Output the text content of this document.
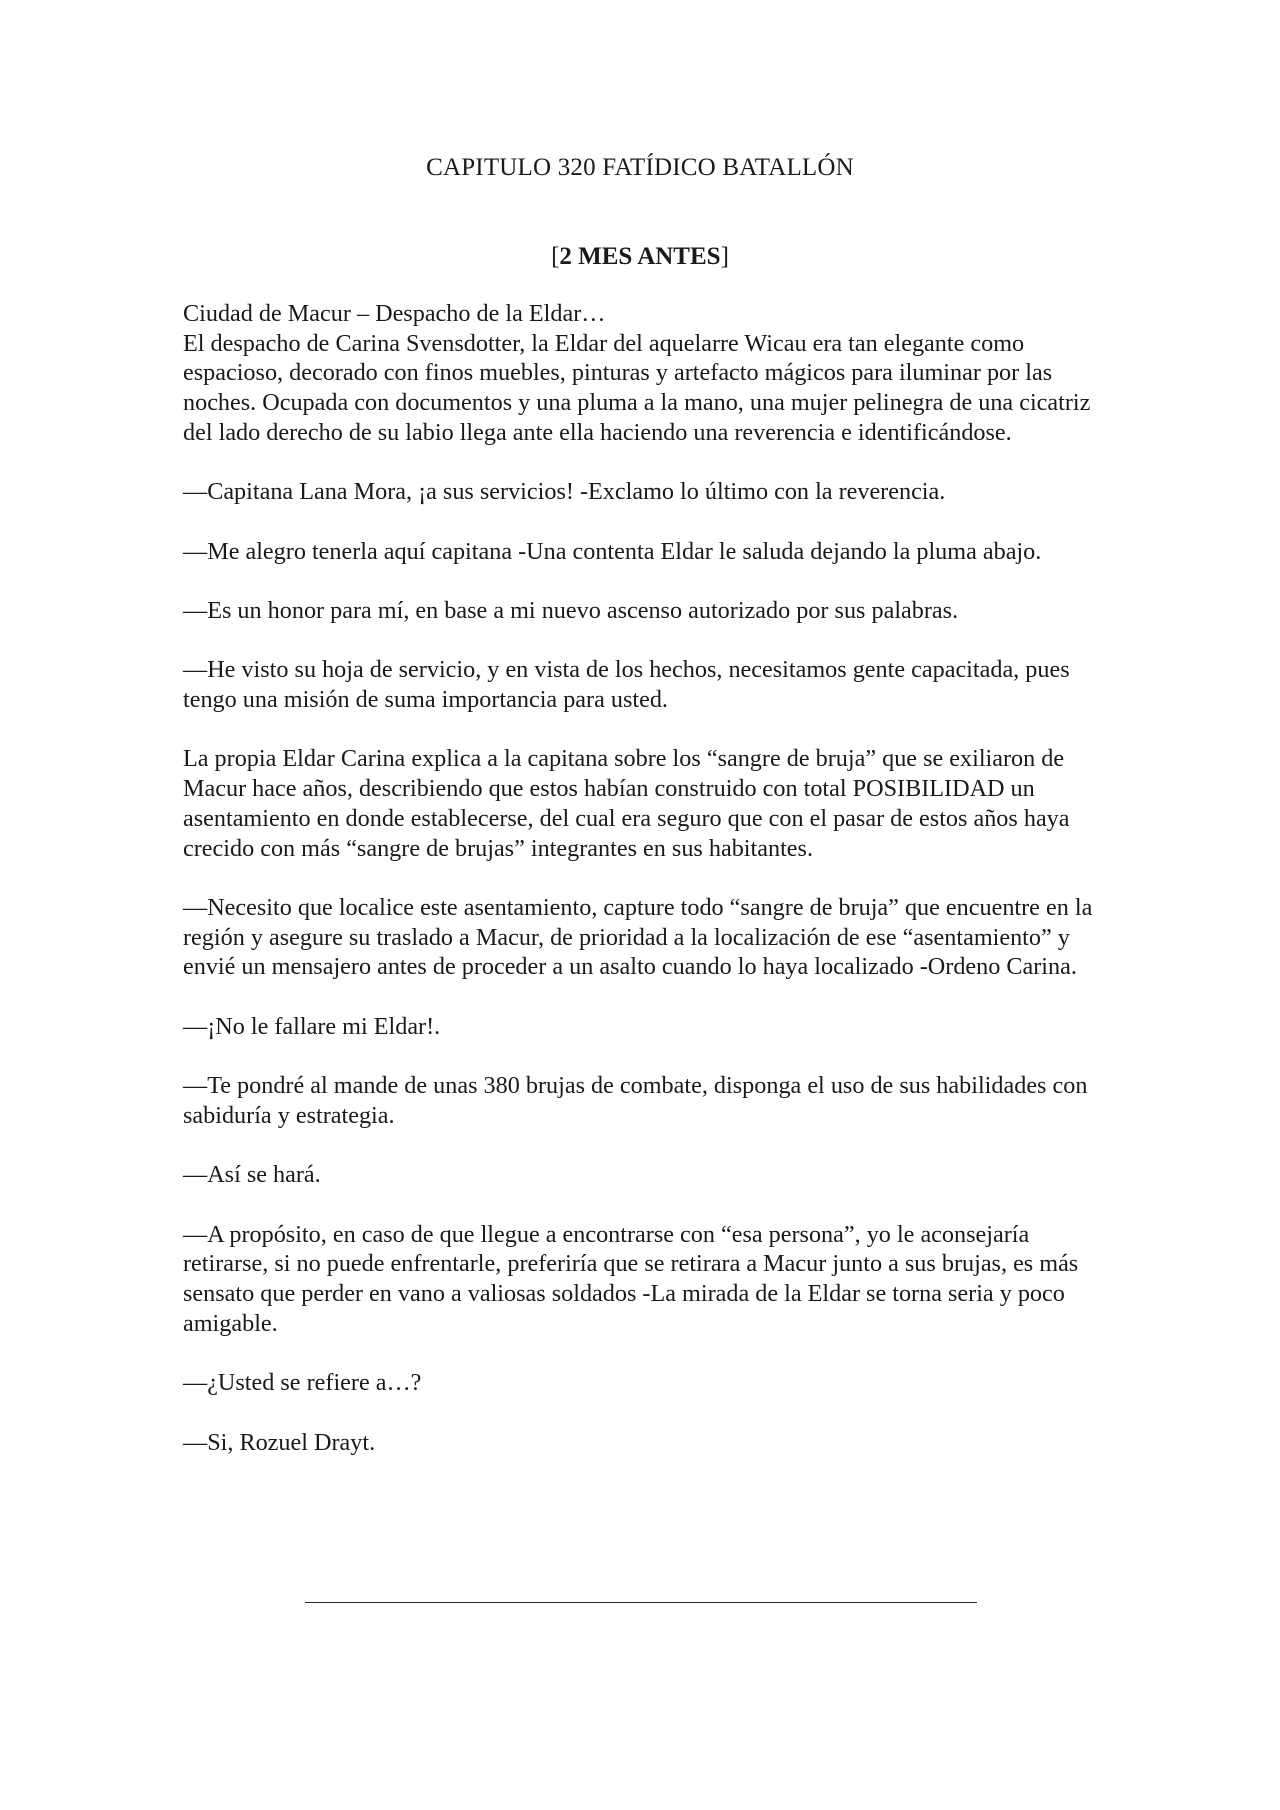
CAPITULO 320 FATÍDICO BATALLÓN
[2 MES ANTES]

Ciudad de Macur – Despacho de la Eldar…

El despacho de Carina Svensdotter, la Eldar del aquelarre Wicau era tan elegante como espacioso, decorado con finos muebles, pinturas y artefacto mágicos para iluminar por las noches. Ocupada con documentos y una pluma a la mano, una mujer pelinegra de una cicatriz del lado derecho de su labio llega ante ella haciendo una reverencia e identificándose.

—Capitana Lana Mora, ¡a sus servicios! -Exclamo lo último con la reverencia.

—Me alegro tenerla aquí capitana -Una contenta Eldar le saluda dejando la pluma abajo.

—Es un honor para mí, en base a mi nuevo ascenso autorizado por sus palabras.

—He visto su hoja de servicio, y en vista de los hechos, necesitamos gente capacitada, pues tengo una misión de suma importancia para usted.

La propia Eldar Carina explica a la capitana sobre los “sangre de bruja” que se exiliaron de Macur hace años, describiendo que estos habían construido con total POSIBILIDAD un asentamiento en donde establecerse, del cual era seguro que con el pasar de estos años haya crecido con más “sangre de brujas” integrantes en sus habitantes.

—Necesito que localice este asentamiento, capture todo “sangre de bruja” que encuentre en la región y asegure su traslado a Macur, de prioridad a la localización de ese “asentamiento” y envié un mensajero antes de proceder a un asalto cuando lo haya localizado -Ordeno Carina.

—¡No le fallare mi Eldar!.

—Te pondré al mande de unas 380 brujas de combate, disponga el uso de sus habilidades con sabiduría y estrategia.

—Así se hará.

—A propósito, en caso de que llegue a encontrarse con “esa persona”, yo le aconsejaría retirarse, si no puede enfrentarle, preferiría que se retirara a Macur junto a sus brujas, es más sensato que perder en vano a valiosas soldados -La mirada de la Eldar se torna seria y poco amigable.

—¿Usted se refiere a…?

—Si, Rozuel Drayt.
